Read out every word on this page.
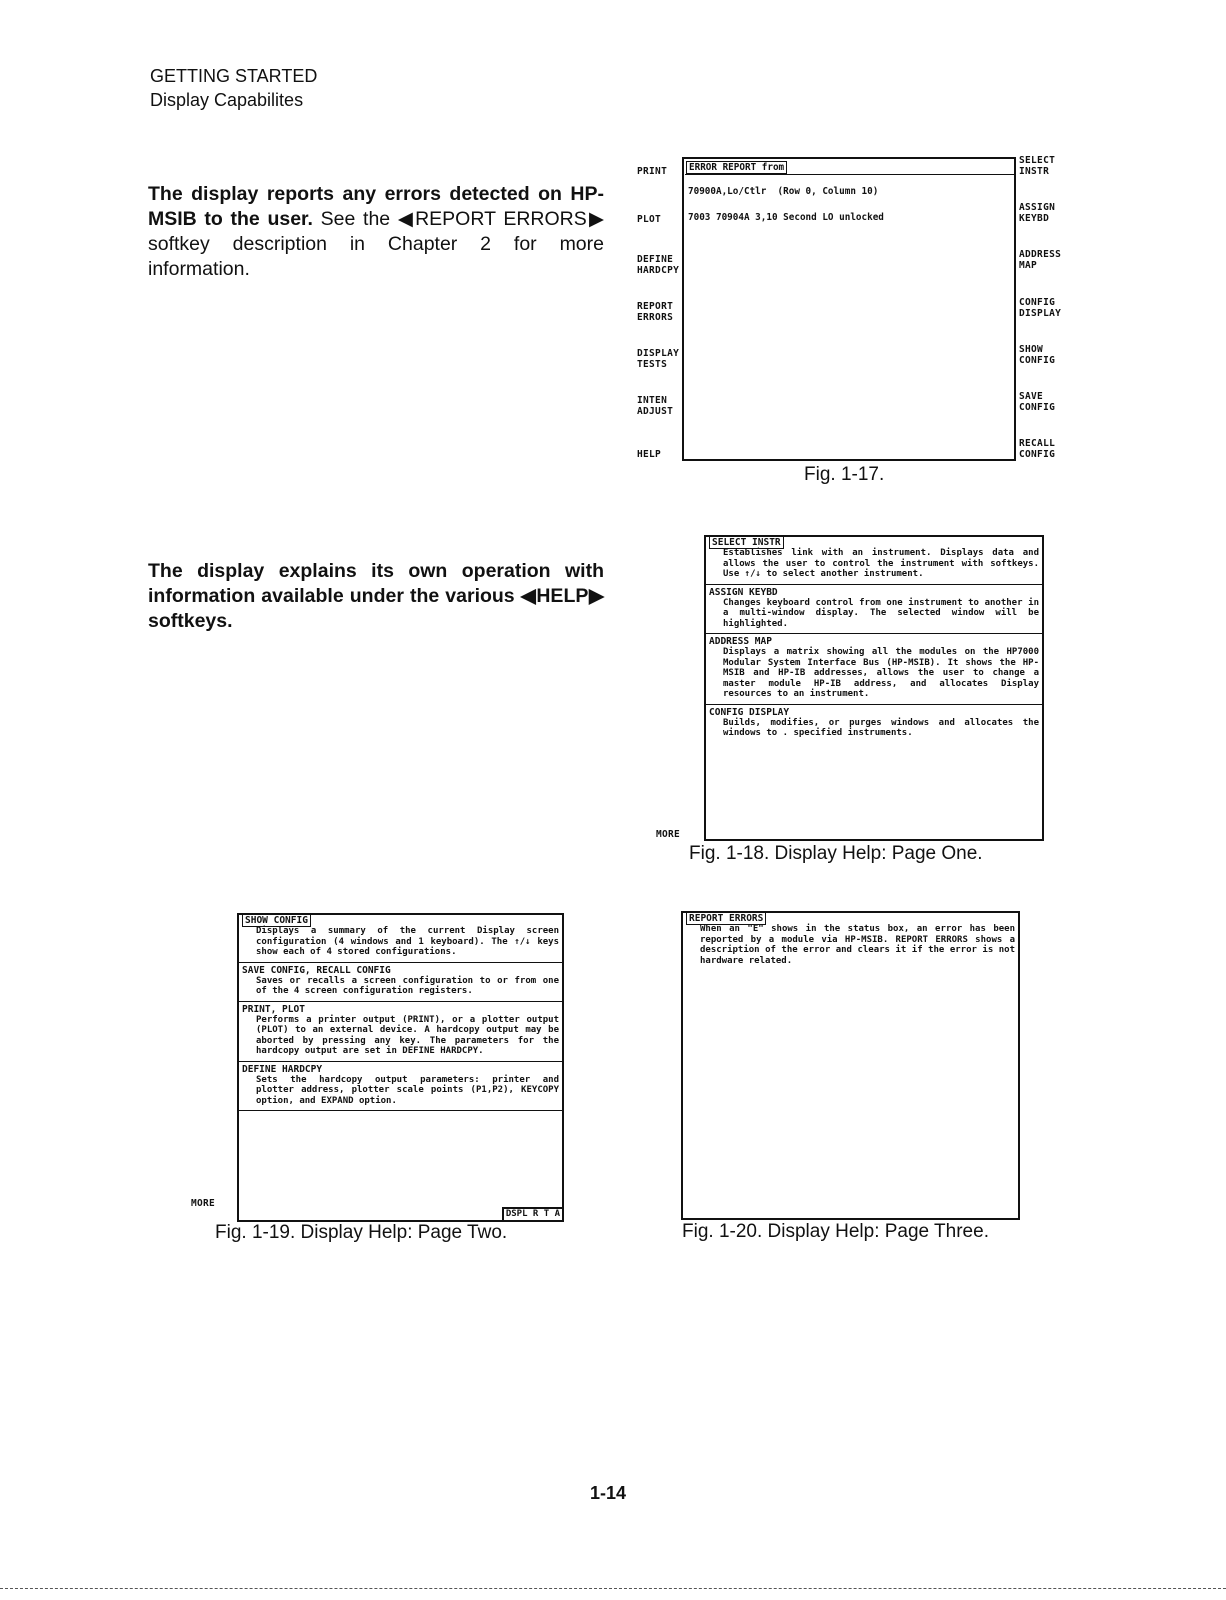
GETTING STARTED
Display Capabilites
The display reports any errors detected on HP-MSIB to the user. See the ◀REPORT ERRORS▶ softkey description in Chapter 2 for more information.
The display explains its own operation with information available under the various ◀HELP▶ softkeys.
PRINT
PLOT
DEFINE
HARDCPY
REPORT
ERRORS
DISPLAY
TESTS
INTEN
ADJUST
HELP
ERROR REPORT from
70900A,Lo/Ctlr  (Row 0, Column 10)
7003 70904A 3,10 Second LO unlocked
SELECT
INSTR
ASSIGN
KEYBD
ADDRESS
MAP
CONFIG
DISPLAY
SHOW
CONFIG
SAVE
CONFIG
RECALL
CONFIG
Fig. 1-17.
SELECT INSTR
Establishes link with an instrument. Displays data and allows the user to control the instrument with softkeys. Use ↑/↓ to select another instrument.
ASSIGN KEYBD
Changes keyboard control from one instrument to another in a multi-window display. The selected window will be highlighted.
ADDRESS MAP
Displays a matrix showing all the modules on the HP7000 Modular System Interface Bus (HP-MSIB). It shows the HP-MSIB and HP-IB addresses, allows the user to change a master module HP-IB address, and allocates Display resources to an instrument.
CONFIG DISPLAY
Builds, modifies, or purges windows and allocates the windows to . specified instruments.
MORE
Fig. 1-18. Display Help: Page One.
SHOW CONFIG
Displays a summary of the current Display screen configuration (4 windows and 1 keyboard). The ↑/↓ keys show each of 4 stored configurations.
SAVE CONFIG, RECALL CONFIG
Saves or recalls a screen configuration to or from one of the 4 screen configuration registers.
PRINT, PLOT
Performs a printer output (PRINT), or a plotter output (PLOT) to an external device. A hardcopy output may be aborted by pressing any key. The parameters for the hardcopy output are set in DEFINE HARDCPY.
DEFINE HARDCPY
Sets the hardcopy output parameters: printer and plotter address, plotter scale points (P1,P2), KEYCOPY option, and EXPAND option.
DSPL R T A
MORE
Fig. 1-19. Display Help: Page Two.
REPORT ERRORS
When an "E" shows in the status box, an error has been reported by a module via HP-MSIB. REPORT ERRORS shows a description of the error and clears it if the error is not hardware related.
Fig. 1-20. Display Help: Page Three.
1-14
